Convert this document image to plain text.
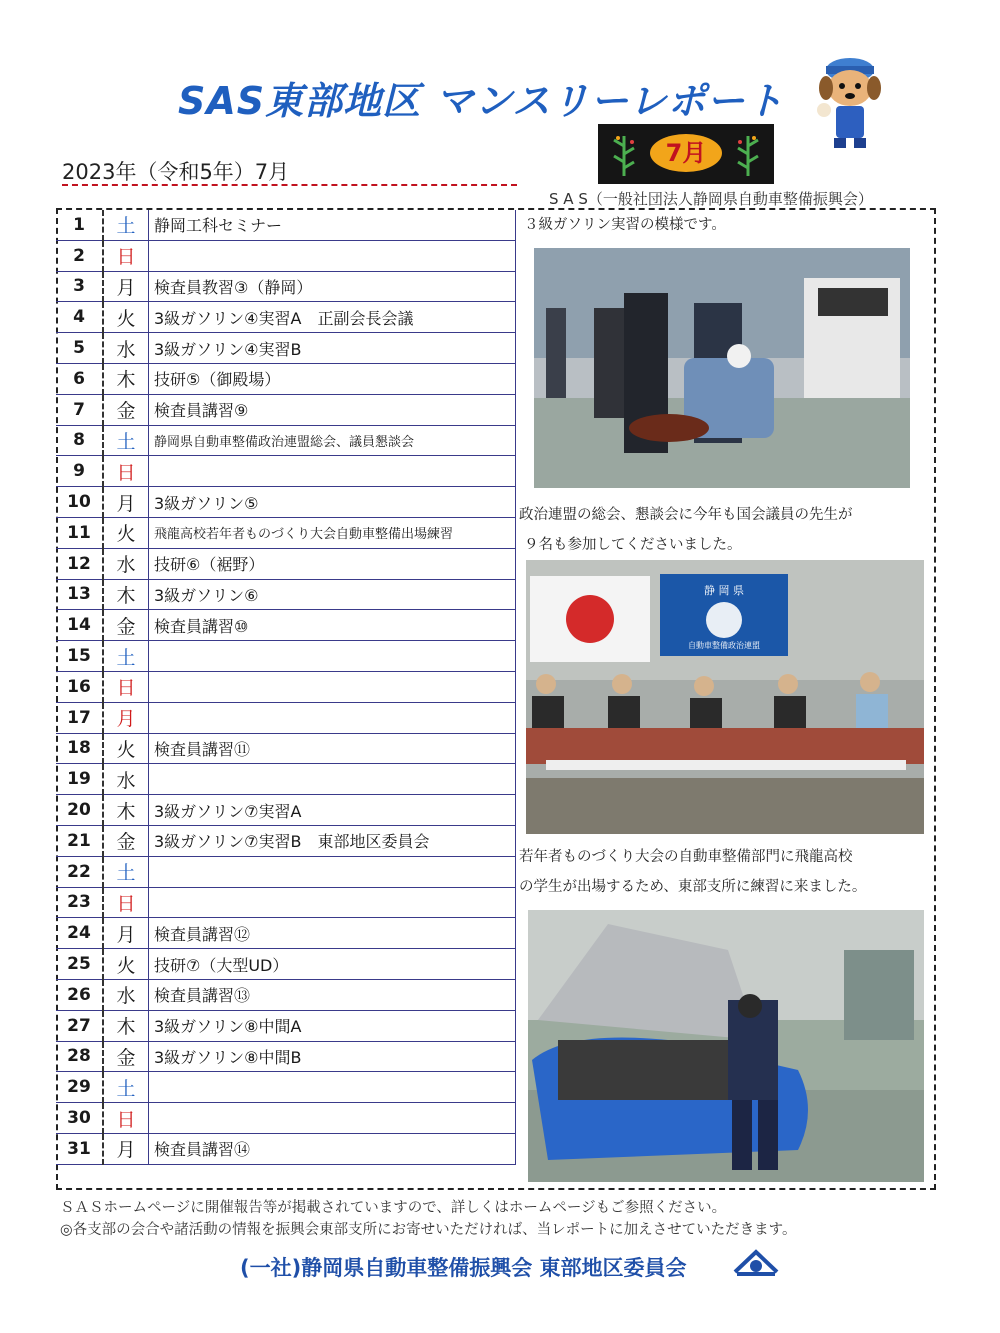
SAS東部地区 マンスリーレポート
7月
2023年（令和5年）7月
S A S（一般社団法人静岡県自動車整備振興会）
1	土	静岡工科セミナー
2	日	
3	月	検査員教習③（静岡）
4	火	3級ガソリン④実習A　正副会長会議
5	水	3級ガソリン④実習B
6	木	技研⑤（御殿場）
7	金	検査員講習⑨
8	土	静岡県自動車整備政治連盟総会、議員懇談会
9	日	
10	月	3級ガソリン⑤
11	火	飛龍高校若年者ものづくり大会自動車整備出場練習
12	水	技研⑥（裾野）
13	木	3級ガソリン⑥
14	金	検査員講習⑩
15	土	
16	日	
17	月	
18	火	検査員講習⑪
19	水	
20	木	3級ガソリン⑦実習A
21	金	3級ガソリン⑦実習B　東部地区委員会
22	土	
23	日	
24	月	検査員講習⑫
25	火	技研⑦（大型UD）
26	水	検査員講習⑬
27	木	3級ガソリン⑧中間A
28	金	3級ガソリン⑧中間B
29	土	
30	日	
31	月	検査員講習⑭
３級ガソリン実習の模様です。
政治連盟の総会、懇談会に今年も国会議員の先生が
９名も参加してくださいました。
静 岡 県
自動車整備政治連盟
若年者ものづくり大会の自動車整備部門に飛龍高校
の学生が出場するため、東部支所に練習に来ました。
ＳＡＳホームページに開催報告等が掲載されていますので、詳しくはホームページもご参照ください。
◎各支部の会合や諸活動の情報を振興会東部支所にお寄せいただければ、当レポートに加えさせていただきます。
(一社)静岡県自動車整備振興会 東部地区委員会
